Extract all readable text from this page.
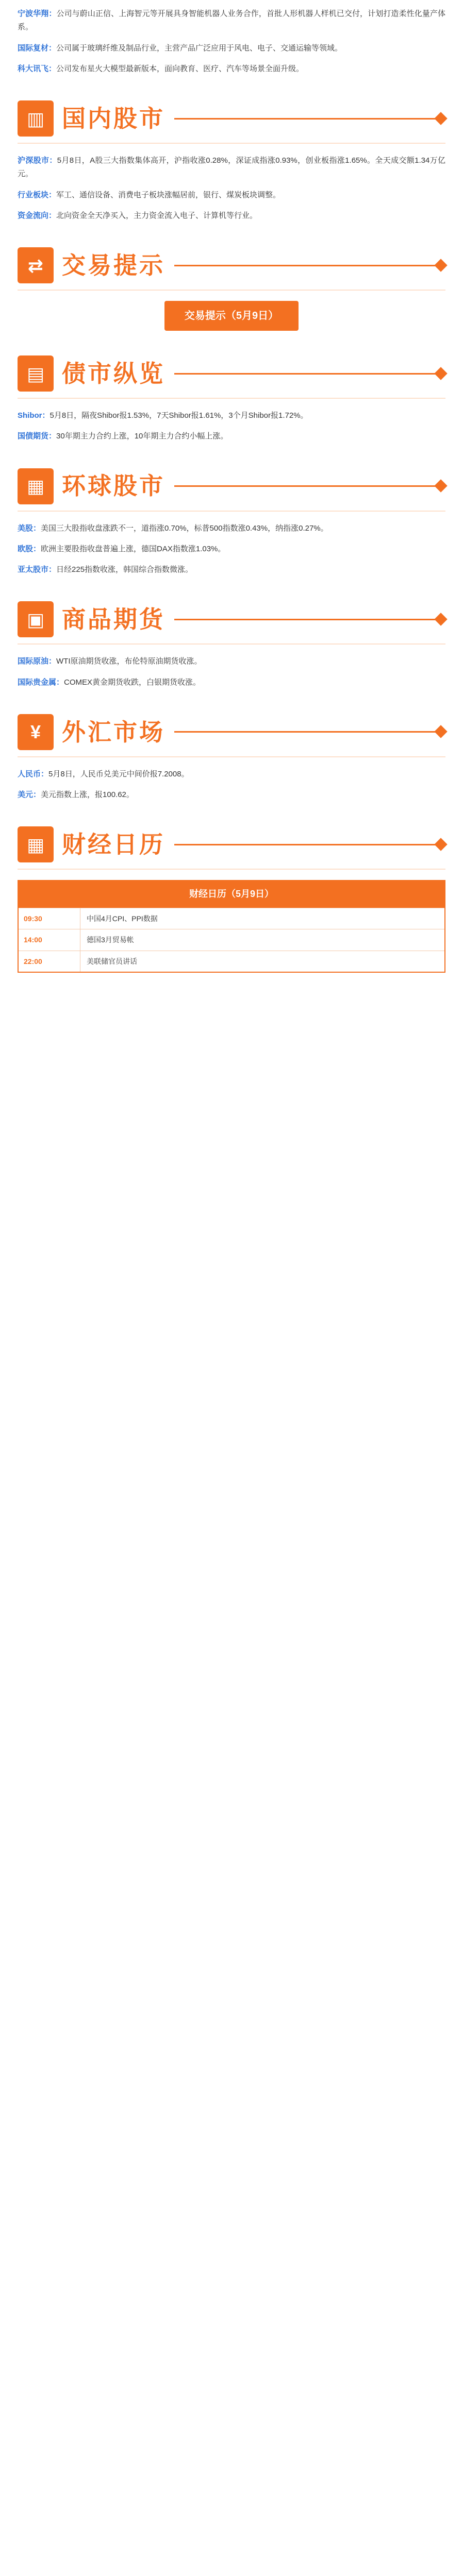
宁波华翔：公司与蔚山正信、上海智元等开展具身智能机器人业务合作，首批人形机器人样机已交付，计划打造柔性化量产体系。

国际复材：公司属于玻璃纤维及制品行业，主营产品广泛应用于风电、电子、交通运输等领域。

科大讯飞：公司发布星火大模型最新版本，面向教育、医疗、汽车等场景全面升级。

▥ 国内股市

沪深股市：5月8日，A股三大指数集体高开，沪指收涨0.28%，深证成指涨0.93%，创业板指涨1.65%。全天成交额1.34万亿元。

行业板块：军工、通信设备、消费电子板块涨幅居前，银行、煤炭板块调整。

资金流向：北向资金全天净买入，主力资金流入电子、计算机等行业。

⇄ 交易提示
交易提示（5月9日）
▤ 债市纵览

Shibor：5月8日，隔夜Shibor报1.53%，7天Shibor报1.61%，3个月Shibor报1.72%。

国债期货：30年期主力合约上涨，10年期主力合约小幅上涨。

▦ 环球股市

美股：美国三大股指收盘涨跌不一，道指涨0.70%，标普500指数涨0.43%，纳指涨0.27%。

欧股：欧洲主要股指收盘普遍上涨，德国DAX指数涨1.03%。

亚太股市：日经225指数收涨，韩国综合指数微涨。

▣ 商品期货

国际原油：WTI原油期货收涨，布伦特原油期货收涨。

国际贵金属：COMEX黄金期货收跌，白银期货收涨。

¥ 外汇市场

人民币：5月8日，人民币兑美元中间价报7.2008。

美元：美元指数上涨，报100.62。

▦ 财经日历
财经日历（5月9日）
09:30	中国4月CPI、PPI数据
14:00	德国3月贸易帐
22:00	美联储官员讲话
